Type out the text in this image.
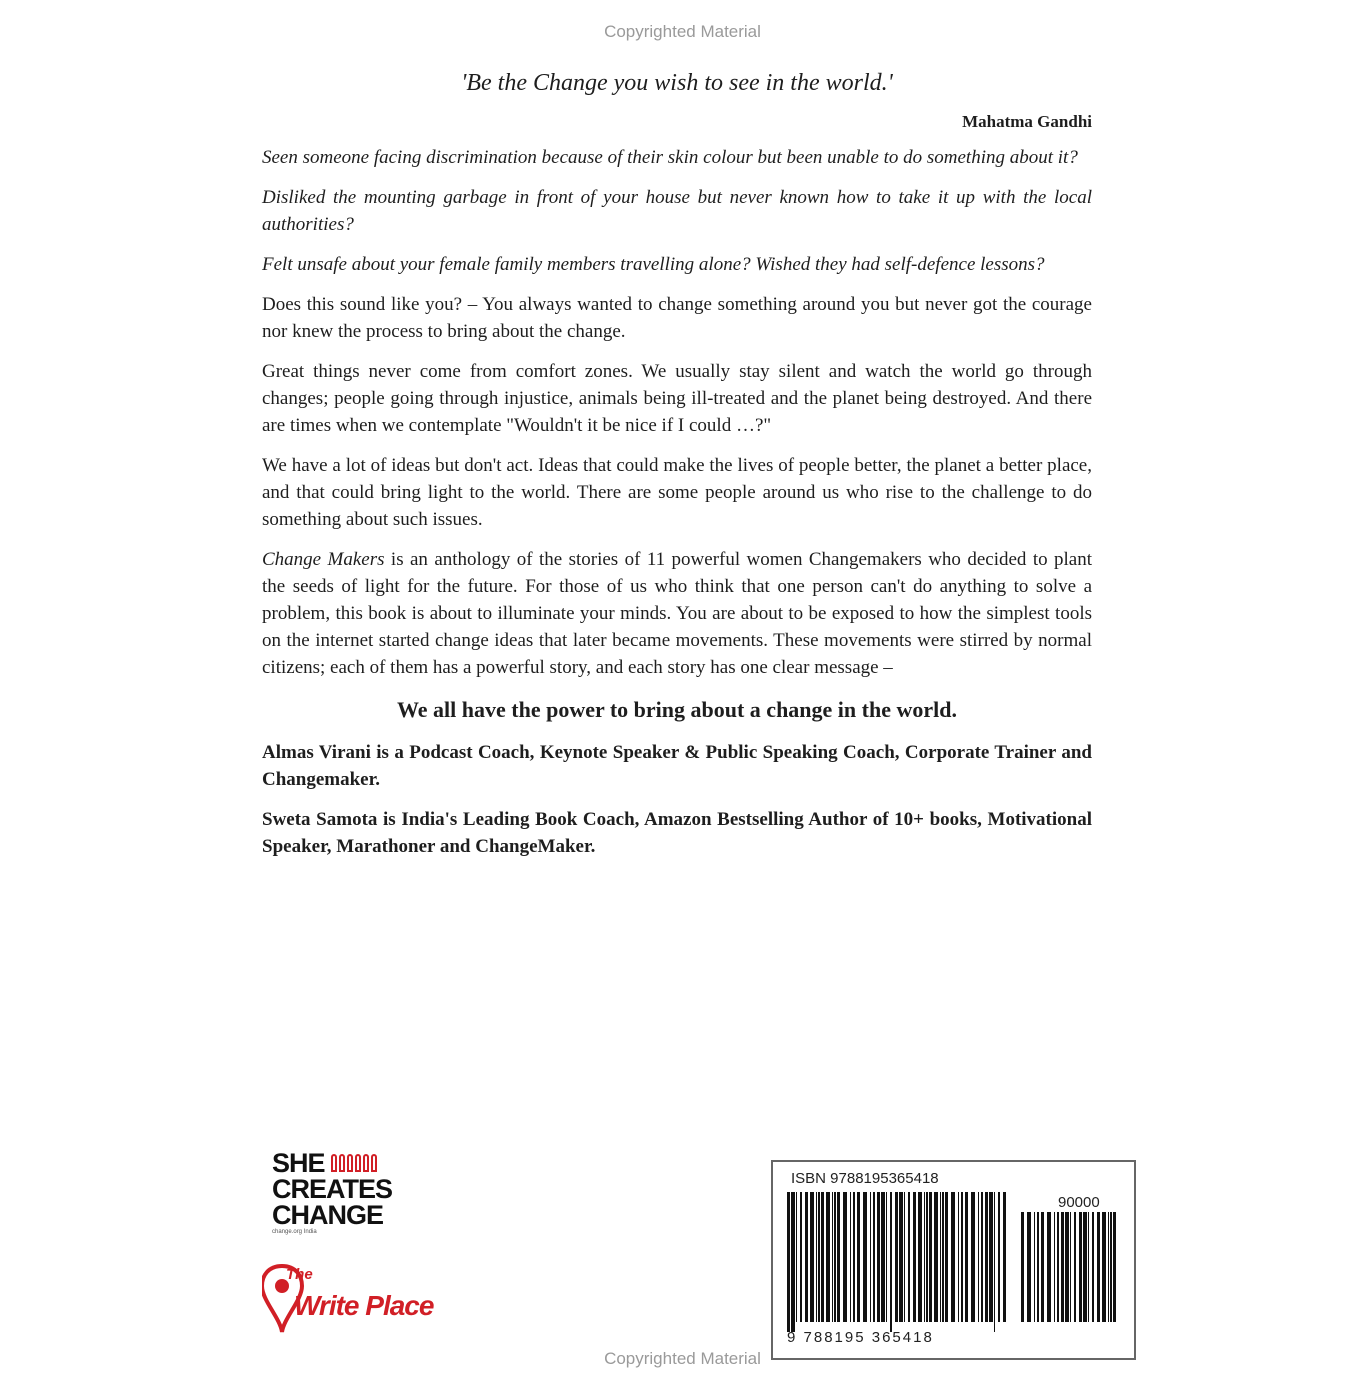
Copyrighted Material

'Be the Change you wish to see in the world.'

Mahatma Gandhi

Seen someone facing discrimination because of their skin colour but been unable to do something about it?

Disliked the mounting garbage in front of your house but never known how to take it up with the local authorities?

Felt unsafe about your female family members travelling alone? Wished they had self-defence lessons?

Does this sound like you? – You always wanted to change something around you but never got the courage nor knew the process to bring about the change.

Great things never come from comfort zones. We usually stay silent and watch the world go through changes; people going through injustice, animals being ill-treated and the planet being destroyed. And there are times when we contemplate "Wouldn't it be nice if I could …?"

We have a lot of ideas but don't act. Ideas that could make the lives of people better, the planet a better place, and that could bring light to the world. There are some people around us who rise to the challenge to do something about such issues.

Change Makers is an anthology of the stories of 11 powerful women Changemakers who decided to plant the seeds of light for the future. For those of us who think that one person can't do anything to solve a problem, this book is about to illuminate your minds. You are about to be exposed to how the simplest tools on the internet started change ideas that later became movements. These movements were stirred by normal citizens; each of them has a powerful story, and each story has one clear message –

We all have the power to bring about a change in the world.

Almas Virani is a Podcast Coach, Keynote Speaker & Public Speaking Coach, Corporate Trainer and Changemaker.

Sweta Samota is India's Leading Book Coach, Amazon Bestselling Author of 10+ books, Motivational Speaker, Marathoner and ChangeMaker.

SHE
CREATES
CHANGE
change.org India
The
Write Place
ISBN 9788195365418
90000
9 788195 365418
Copyrighted Material
